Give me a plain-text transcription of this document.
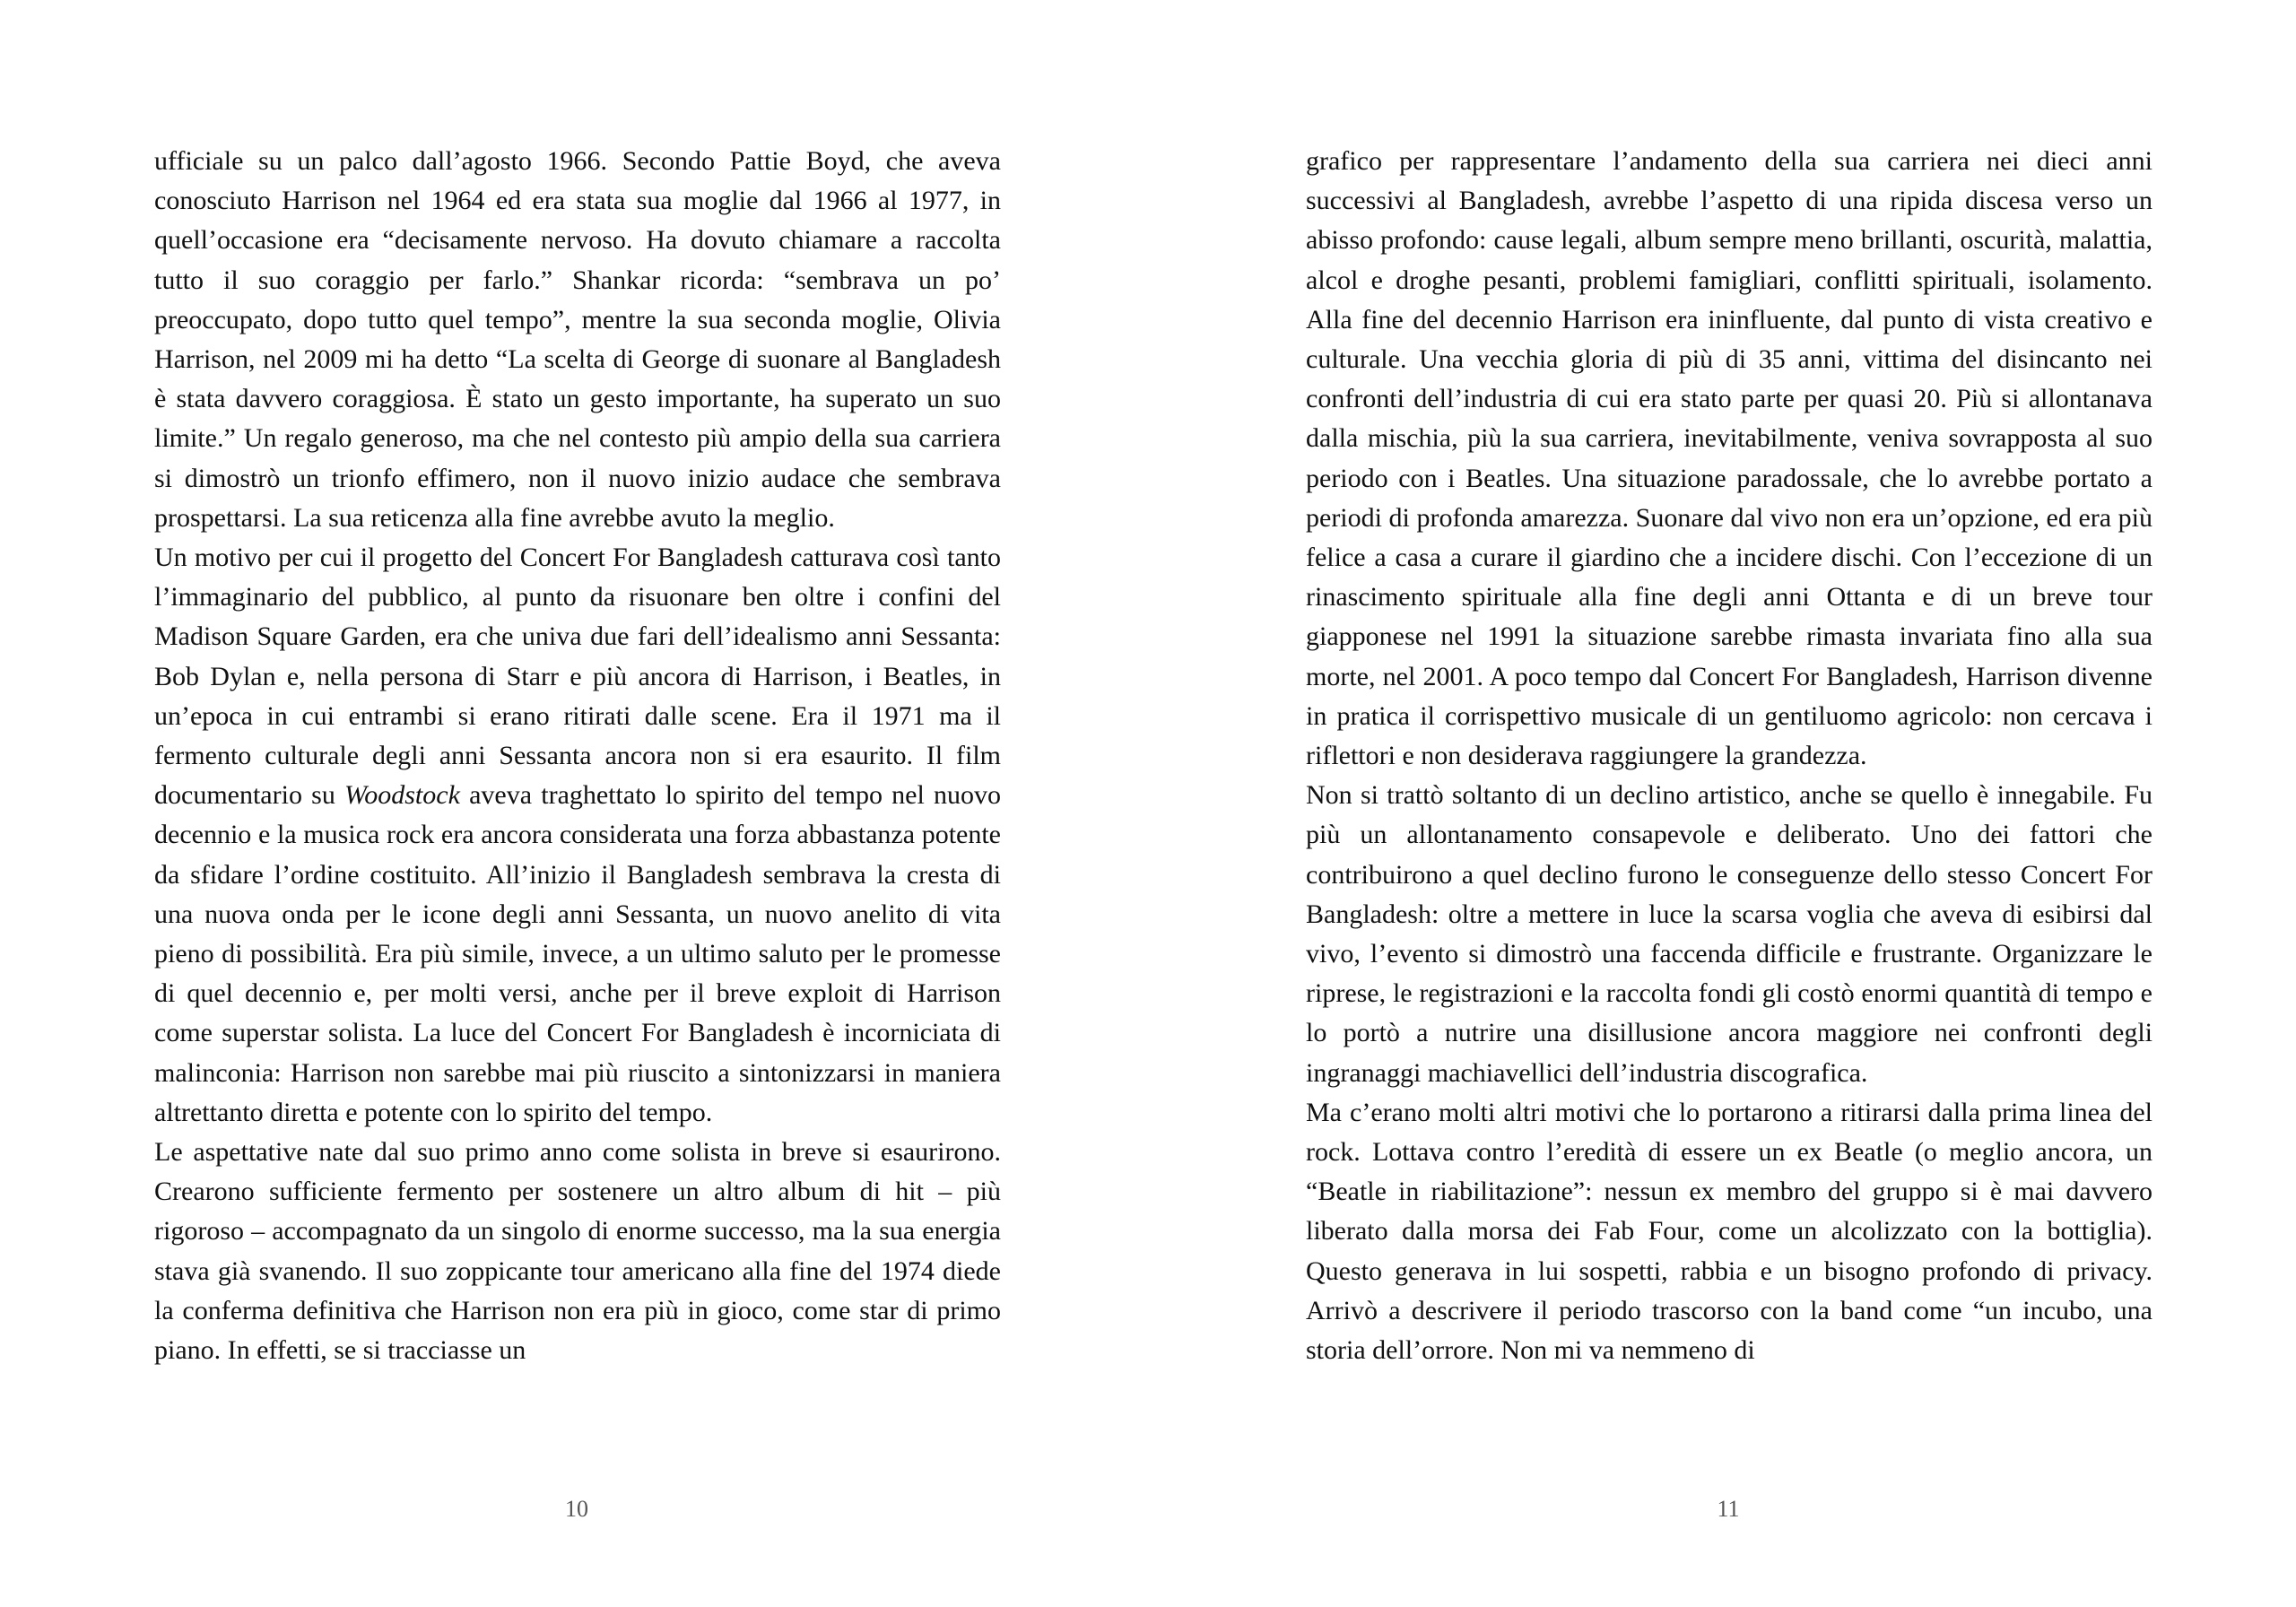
ufficiale su un palco dall’agosto 1966. Secondo Pattie Boyd, che aveva conosciuto Harrison nel 1964 ed era stata sua moglie dal 1966 al 1977, in quell’occasione era “decisamente nervoso. Ha dovuto chiamare a raccolta tutto il suo coraggio per farlo.” Shankar ricorda: “sembrava un po’ preoccupato, dopo tutto quel tempo”, mentre la sua seconda moglie, Olivia Harrison, nel 2009 mi ha detto “La scelta di George di suonare al Bangladesh è stata davvero coraggiosa. È stato un gesto importante, ha superato un suo limite.” Un regalo generoso, ma che nel contesto più ampio della sua carriera si dimostrò un trionfo effimero, non il nuovo inizio audace che sembrava prospettarsi. La sua reticenza alla fine avrebbe avuto la meglio.

Un motivo per cui il progetto del Concert For Bangladesh catturava così tanto l’immaginario del pubblico, al punto da risuonare ben oltre i confini del Madison Square Garden, era che univa due fari dell’idealismo anni Sessanta: Bob Dylan e, nella persona di Starr e più ancora di Harrison, i Beatles, in un’epoca in cui entrambi si erano ritirati dalle scene. Era il 1971 ma il fermento culturale degli anni Sessanta ancora non si era esaurito. Il film documentario su Woodstock aveva traghettato lo spirito del tempo nel nuovo decennio e la musica rock era ancora considerata una forza abbastanza potente da sfidare l’ordine costituito. All’inizio il Bangladesh sembrava la cresta di una nuova onda per le icone degli anni Sessanta, un nuovo anelito di vita pieno di possibilità. Era più simile, invece, a un ultimo saluto per le promesse di quel decennio e, per molti versi, anche per il breve exploit di Harrison come superstar solista. La luce del Concert For Bangladesh è incorniciata di malinconia: Harrison non sarebbe mai più riuscito a sintonizzarsi in maniera altrettanto diretta e potente con lo spirito del tempo.

Le aspettative nate dal suo primo anno come solista in breve si esaurirono. Crearono sufficiente fermento per sostenere un altro album di hit – più rigoroso – accompagnato da un singolo di enorme successo, ma la sua energia stava già svanendo. Il suo zoppicante tour americano alla fine del 1974 diede la conferma definitiva che Harrison non era più in gioco, come star di primo piano. In effetti, se si tracciasse un

10

grafico per rappresentare l’andamento della sua carriera nei dieci anni successivi al Bangladesh, avrebbe l’aspetto di una ripida discesa verso un abisso profondo: cause legali, album sempre meno brillanti, oscurità, malattia, alcol e droghe pesanti, problemi famigliari, conflitti spirituali, isolamento. Alla fine del decennio Harrison era ininfluente, dal punto di vista creativo e culturale. Una vecchia gloria di più di 35 anni, vittima del disincanto nei confronti dell’industria di cui era stato parte per quasi 20. Più si allontanava dalla mischia, più la sua carriera, inevitabilmente, veniva sovrapposta al suo periodo con i Beatles. Una situazione paradossale, che lo avrebbe portato a periodi di profonda amarezza. Suonare dal vivo non era un’opzione, ed era più felice a casa a curare il giardino che a incidere dischi. Con l’eccezione di un rinascimento spirituale alla fine degli anni Ottanta e di un breve tour giapponese nel 1991 la situazione sarebbe rimasta invariata fino alla sua morte, nel 2001. A poco tempo dal Concert For Bangladesh, Harrison divenne in pratica il corrispettivo musicale di un gentiluomo agricolo: non cercava i riflettori e non desiderava raggiungere la grandezza.

Non si trattò soltanto di un declino artistico, anche se quello è innegabile. Fu più un allontanamento consapevole e deliberato. Uno dei fattori che contribuirono a quel declino furono le conseguenze dello stesso Concert For Bangladesh: oltre a mettere in luce la scarsa voglia che aveva di esibirsi dal vivo, l’evento si dimostrò una faccenda difficile e frustrante. Organizzare le riprese, le registrazioni e la raccolta fondi gli costò enormi quantità di tempo e lo portò a nutrire una disillusione ancora maggiore nei confronti degli ingranaggi machiavellici dell’industria discografica.

Ma c’erano molti altri motivi che lo portarono a ritirarsi dalla prima linea del rock. Lottava contro l’eredità di essere un ex Beatle (o meglio ancora, un “Beatle in riabilitazione”: nessun ex membro del gruppo si è mai davvero liberato dalla morsa dei Fab Four, come un alcolizzato con la bottiglia). Questo generava in lui sospetti, rabbia e un bisogno profondo di privacy. Arrivò a descrivere il periodo trascorso con la band come “un incubo, una storia dell’orrore. Non mi va nemmeno di

11
